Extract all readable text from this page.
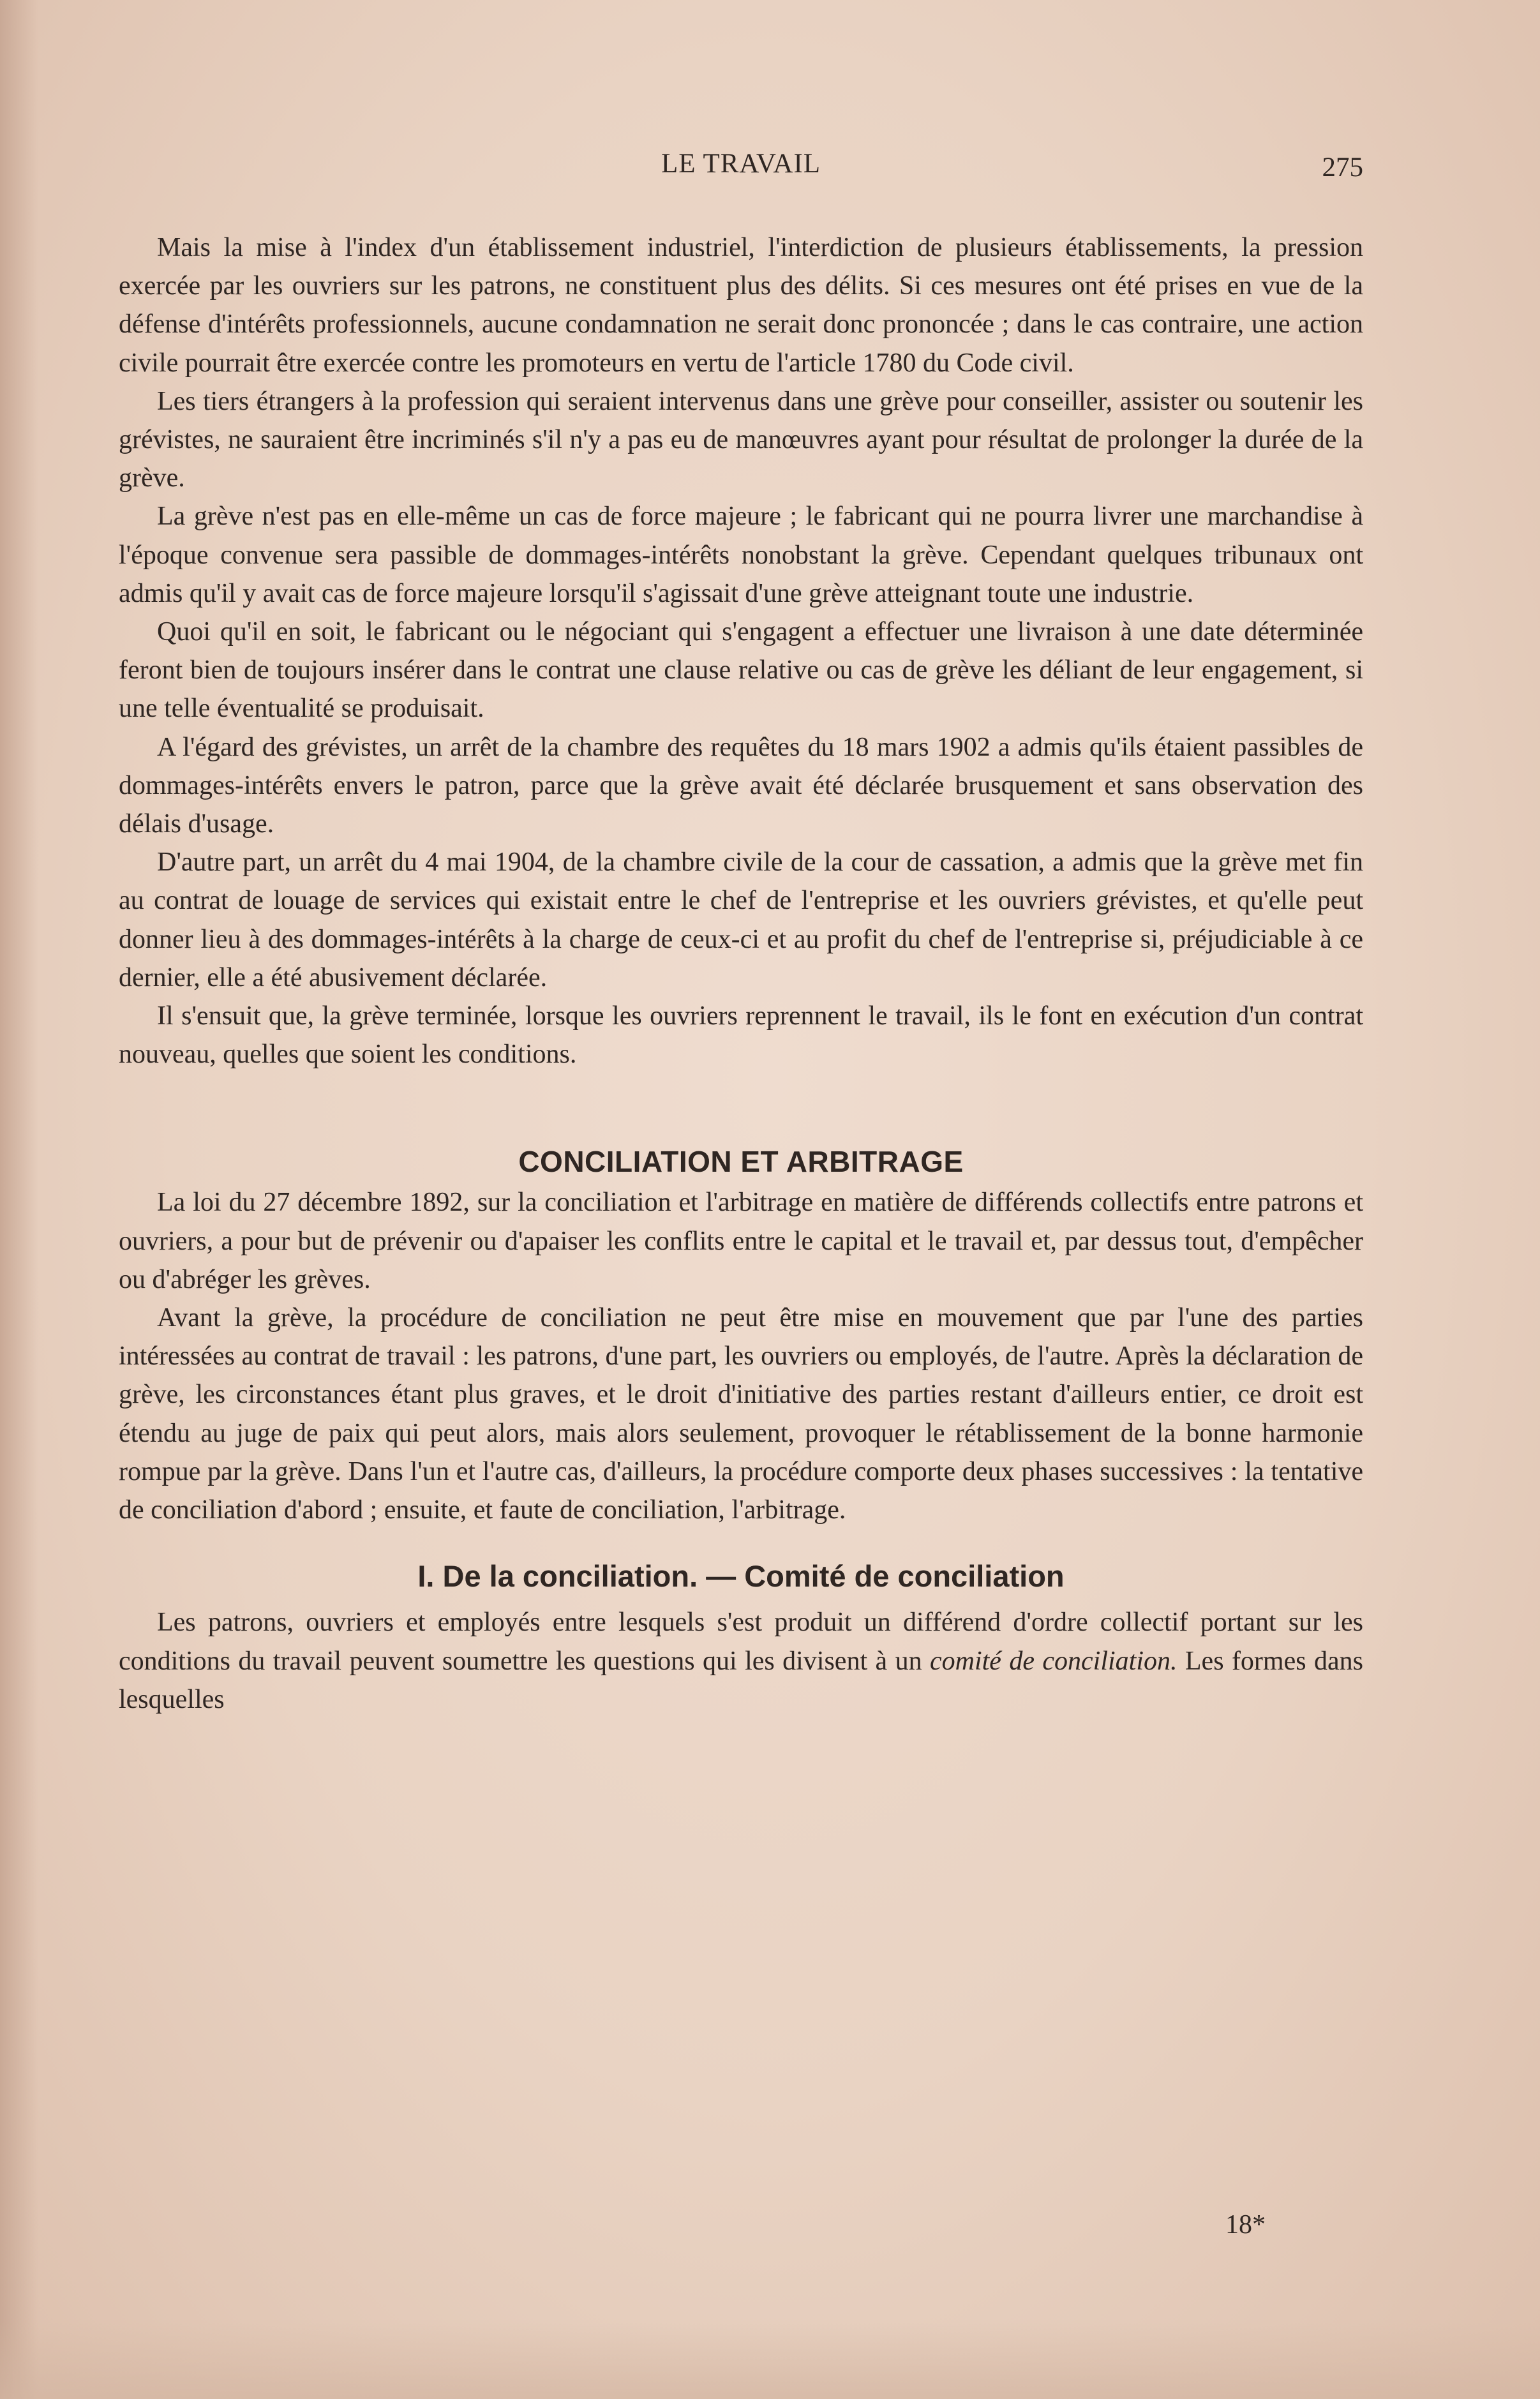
LE TRAVAIL	275

Mais la mise à l'index d'un établissement industriel, l'interdiction de plusieurs établissements, la pression exercée par les ouvriers sur les patrons, ne constituent plus des délits. Si ces mesures ont été prises en vue de la défense d'intérêts professionnels, aucune condamnation ne serait donc prononcée ; dans le cas contraire, une action civile pourrait être exercée contre les promoteurs en vertu de l'article 1780 du Code civil.

Les tiers étrangers à la profession qui seraient intervenus dans une grève pour conseiller, assister ou soutenir les grévistes, ne sauraient être incriminés s'il n'y a pas eu de manœuvres ayant pour résultat de prolonger la durée de la grève.

La grève n'est pas en elle-même un cas de force majeure ; le fabricant qui ne pourra livrer une marchandise à l'époque convenue sera passible de dommages-intérêts nonobstant la grève. Cependant quelques tribunaux ont admis qu'il y avait cas de force majeure lorsqu'il s'agissait d'une grève atteignant toute une industrie.

Quoi qu'il en soit, le fabricant ou le négociant qui s'engagent a effectuer une livraison à une date déterminée feront bien de toujours insérer dans le contrat une clause relative ou cas de grève les déliant de leur engagement, si une telle éventualité se produisait.

A l'égard des grévistes, un arrêt de la chambre des requêtes du 18 mars 1902 a admis qu'ils étaient passibles de dommages-intérêts envers le patron, parce que la grève avait été déclarée brusquement et sans observation des délais d'usage.

D'autre part, un arrêt du 4 mai 1904, de la chambre civile de la cour de cassation, a admis que la grève met fin au contrat de louage de services qui existait entre le chef de l'entreprise et les ouvriers grévistes, et qu'elle peut donner lieu à des dommages-intérêts à la charge de ceux-ci et au profit du chef de l'entreprise si, préjudiciable à ce dernier, elle a été abusivement déclarée.

Il s'ensuit que, la grève terminée, lorsque les ouvriers reprennent le travail, ils le font en exécution d'un contrat nouveau, quelles que soient les conditions.

CONCILIATION ET ARBITRAGE

La loi du 27 décembre 1892, sur la conciliation et l'arbitrage en matière de différends collectifs entre patrons et ouvriers, a pour but de prévenir ou d'apaiser les conflits entre le capital et le travail et, par dessus tout, d'empêcher ou d'abréger les grèves.

Avant la grève, la procédure de conciliation ne peut être mise en mouvement que par l'une des parties intéressées au contrat de travail : les patrons, d'une part, les ouvriers ou employés, de l'autre. Après la déclaration de grève, les circonstances étant plus graves, et le droit d'initiative des parties restant d'ailleurs entier, ce droit est étendu au juge de paix qui peut alors, mais alors seulement, provoquer le rétablissement de la bonne harmonie rompue par la grève. Dans l'un et l'autre cas, d'ailleurs, la procédure comporte deux phases successives : la tentative de conciliation d'abord ; ensuite, et faute de conciliation, l'arbitrage.

I. De la conciliation. — Comité de conciliation

Les patrons, ouvriers et employés entre lesquels s'est produit un différend d'ordre collectif portant sur les conditions du travail peuvent soumettre les questions qui les divisent à un comité de conciliation. Les formes dans lesquelles

18*
